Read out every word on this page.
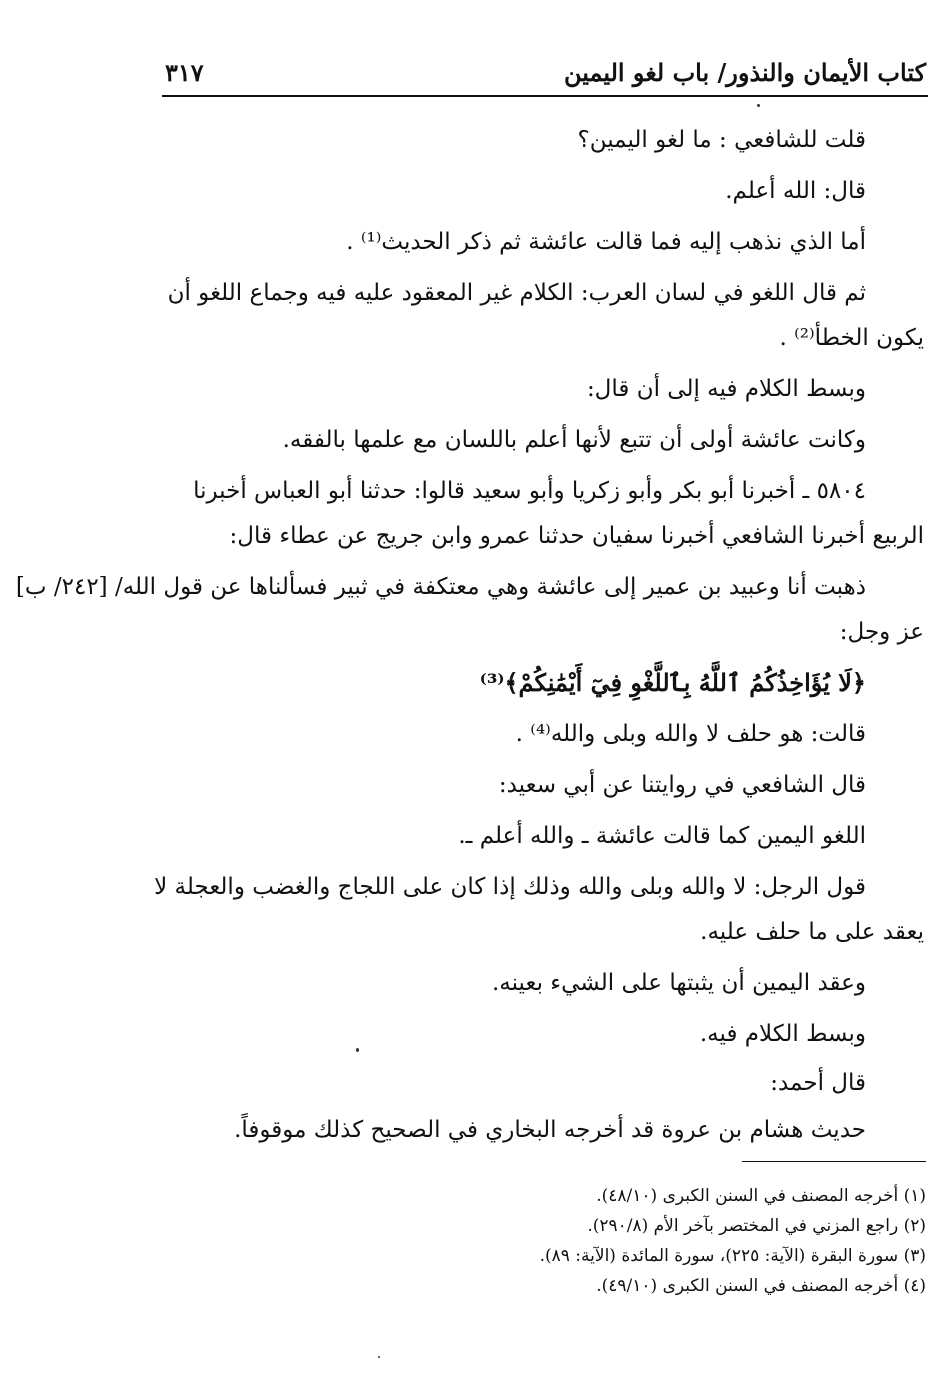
كتاب الأيمان والنذور/ باب لغو اليمين
٣١٧
قلت للشافعي : ما لغو اليمين؟
قال: الله أعلم.
أما الذي نذهب إليه فما قالت عائشة ثم ذكر الحديث⁽¹⁾ .
ثم قال اللغو في لسان العرب: الكلام غير المعقود عليه فيه وجماع اللغو أن
يكون الخطأ⁽²⁾ .
وبسط الكلام فيه إلى أن قال:
وكانت عائشة أولى أن تتبع لأنها أعلم باللسان مع علمها بالفقه.
٥٨٠٤ ـ أخبرنا أبو بكر وأبو زكريا وأبو سعيد قالوا: حدثنا أبو العباس أخبرنا
الربيع أخبرنا الشافعي أخبرنا سفيان حدثنا عمرو وابن جريج عن عطاء قال:
ذهبت أنا وعبيد بن عمير إلى عائشة وهي معتكفة في ثبير فسألناها عن قول الله/ [٢٤٢/ ب]
عز وجل:
﴿لَا يُؤَاخِذُكُمُ ٱللَّهُ بِٱللَّغْوِ فِيٓ أَيْمَٰنِكُمْ﴾⁽³⁾
قالت: هو حلف لا والله وبلى والله⁽⁴⁾ .
قال الشافعي في روايتنا عن أبي سعيد:
اللغو اليمين كما قالت عائشة ـ والله أعلم ـ.
قول الرجل: لا والله وبلى والله وذلك إذا كان على اللجاج والغضب والعجلة لا
يعقد على ما حلف عليه.
وعقد اليمين أن يثبتها على الشيء بعينه.
وبسط الكلام فيه.
قال أحمد:
حديث هشام بن عروة قد أخرجه البخاري في الصحيح كذلك موقوفاً.
(١) أخرجه المصنف في السنن الكبرى (٤٨/١٠).
(٢) راجع المزني في المختصر بآخر الأم (٢٩٠/٨).
(٣) سورة البقرة (الآية: ٢٢٥)، سورة المائدة (الآية: ٨٩).
(٤) أخرجه المصنف في السنن الكبرى (٤٩/١٠).
